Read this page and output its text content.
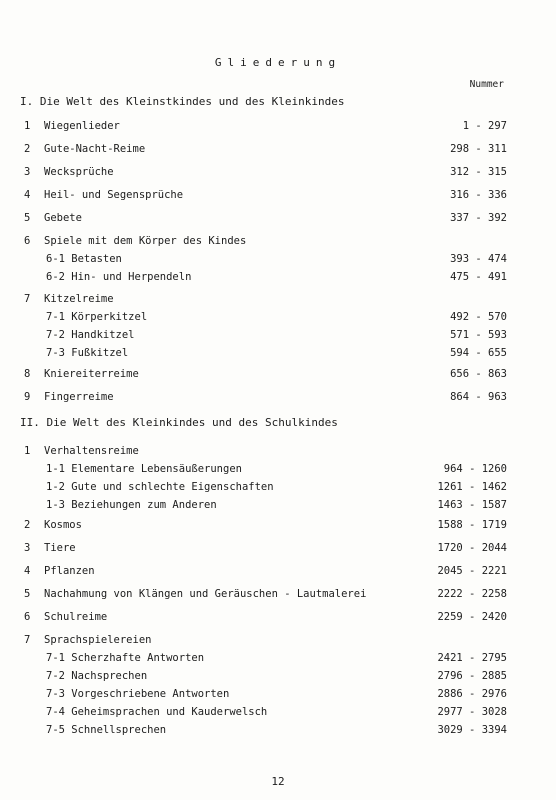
Gliederung
Nummer
I. Die Welt des Kleinstkindes und des Kleinkindes
1 Wiegenlieder	1 - 297
2 Gute-Nacht-Reime	298 - 311
3 Wecksprüche	312 - 315
4 Heil- und Segensprüche	316 - 336
5 Gebete	337 - 392
6 Spiele mit dem Körper des Kindes
6-1 Betasten	393 - 474
6-2 Hin- und Herpendeln	475 - 491
7 Kitzelreime
7-1 Körperkitzel	492 - 570
7-2 Handkitzel	571 - 593
7-3 Fußkitzel	594 - 655
8 Kniereiterreime	656 - 863
9 Fingerreime	864 - 963
II. Die Welt des Kleinkindes und des Schulkindes
1 Verhaltensreime
1-1 Elementare Lebensäußerungen	964 - 1260
1-2 Gute und schlechte Eigenschaften	1261 - 1462
1-3 Beziehungen zum Anderen	1463 - 1587
2 Kosmos	1588 - 1719
3 Tiere	1720 - 2044
4 Pflanzen	2045 - 2221
5 Nachahmung von Klängen und Geräuschen - Lautmalerei	2222 - 2258
6 Schulreime	2259 - 2420
7 Sprachspielereien
7-1 Scherzhafte Antworten	2421 - 2795
7-2 Nachsprechen	2796 - 2885
7-3 Vorgeschriebene Antworten	2886 - 2976
7-4 Geheimsprachen und Kauderwelsch	2977 - 3028
7-5 Schnellsprechen	3029 - 3394
12
